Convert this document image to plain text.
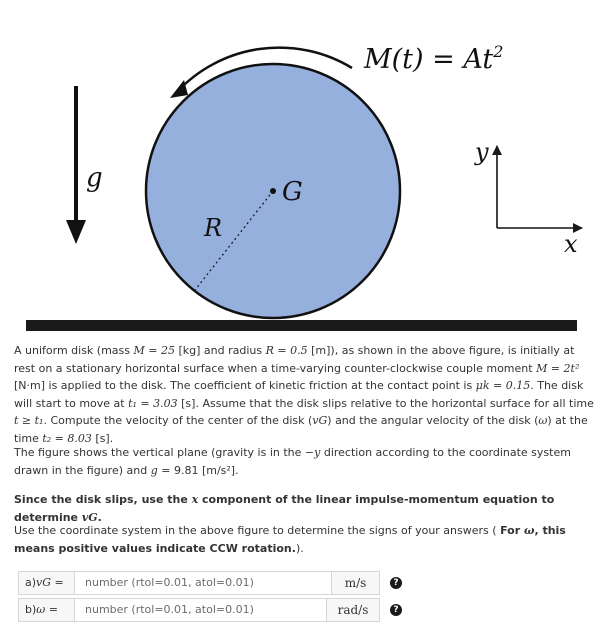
G
R
$M(t) = At^2$
g
y
x

A uniform disk (mass M = 25 [kg] and radius R = 0.5 [m]), as shown in the above figure, is initially at rest on a stationary horizontal surface when a time-varying counter-clockwise couple moment M = 2t² [N·m] is applied to the disk. The coefficient of kinetic friction at the contact point is μk = 0.15. The disk will start to move at t₁ = 3.03 [s]. Assume that the disk slips relative to the horizontal surface for all time t ≥ t₁. Compute the velocity of the center of the disk (vG) and the angular velocity of the disk (ω) at the time t₂ = 8.03 [s].

The figure shows the vertical plane (gravity is in the −y direction according to the coordinate system drawn in the figure) and g = 9.81 [m/s²].

Since the disk slips, use the x component of the linear impulse-momentum equation to determine vG.

Use the coordinate system in the above figure to determine the signs of your answers ( For ω, this means positive values indicate CCW rotation.).

a)vG =	number (rtol=0.01, atol=0.01)	m/s	?
b)ω =	number (rtol=0.01, atol=0.01)	rad/s	?
